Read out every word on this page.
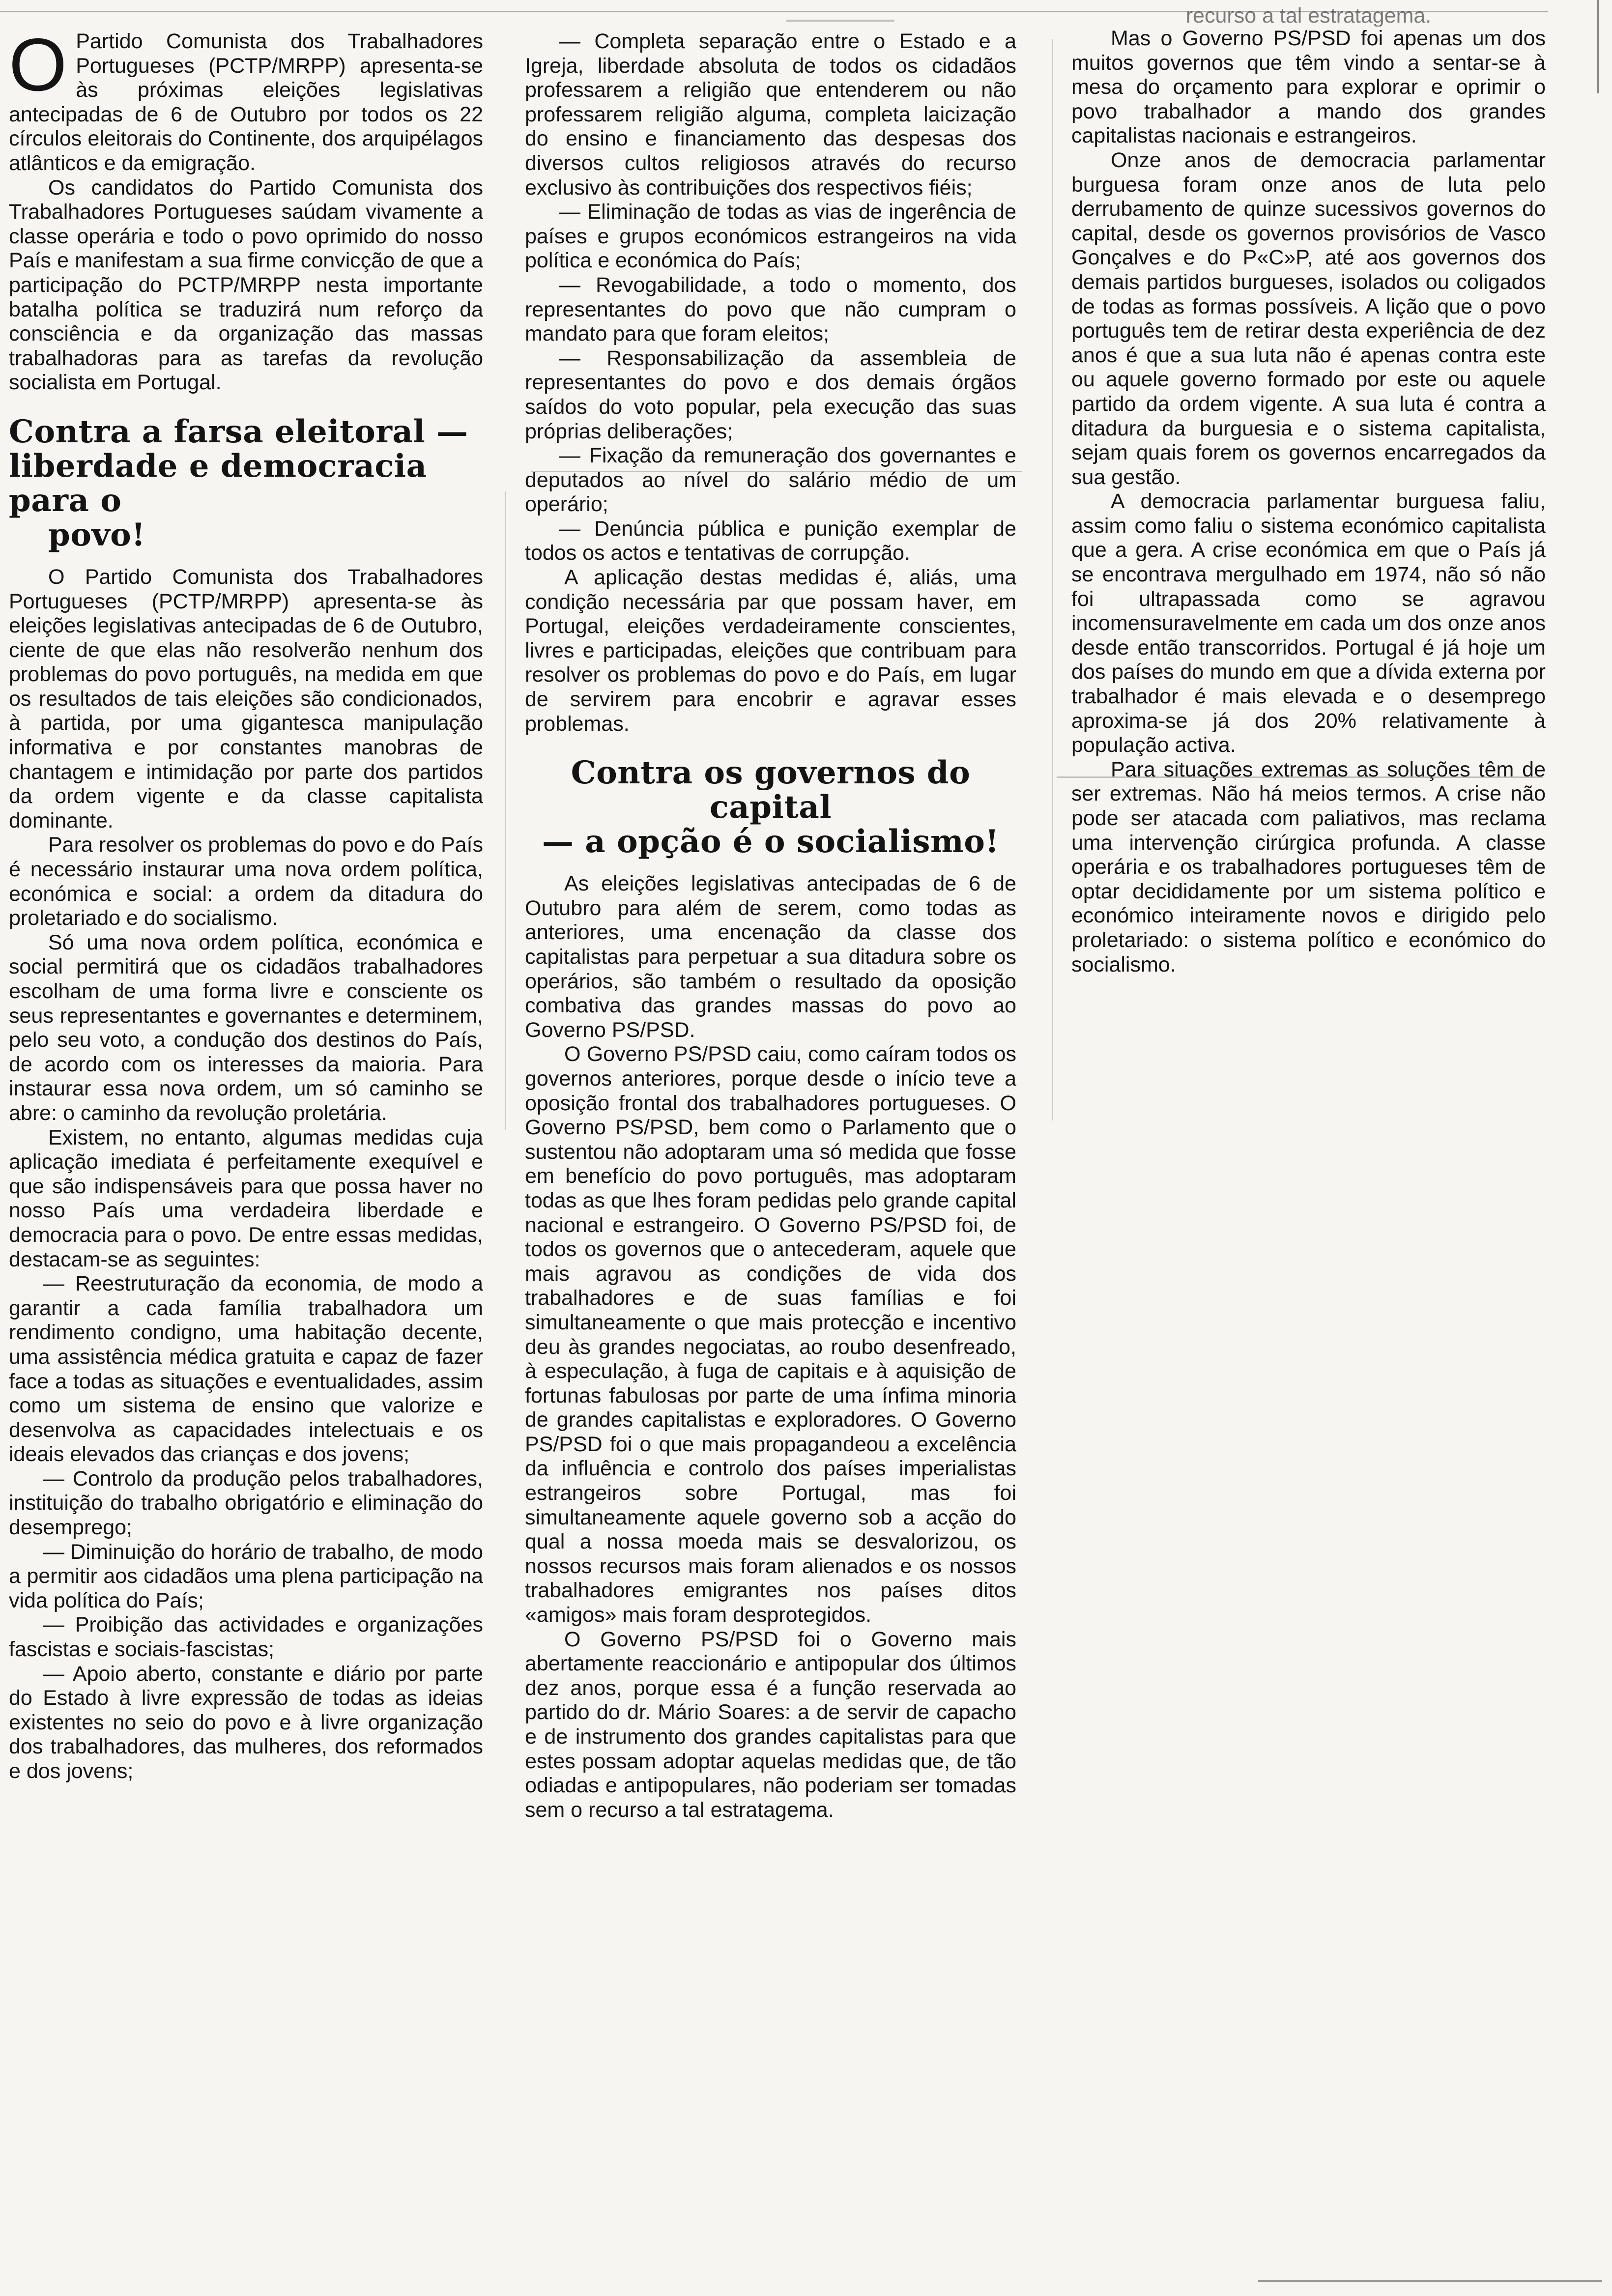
O Partido Comunista dos Trabalhadores Portugueses (PCTP/MRPP) apresenta-se às próximas eleições legislativas antecipadas de 6 de Outubro por todos os 22 círculos eleitorais do Continente, dos arquipélagos atlânticos e da emigração.

Os candidatos do Partido Comunista dos Trabalhadores Portugueses saúdam vivamente a classe operária e todo o povo oprimido do nosso País e manifestam a sua firme convicção de que a participação do PCTP/MRPP nesta importante batalha política se traduzirá num reforço da consciência e da organização das massas trabalhadoras para as tarefas da revolução socialista em Portugal.

Contra a farsa eleitoral — liberdade e democracia para o
povo!

O Partido Comunista dos Trabalhadores Portugueses (PCTP/MRPP) apresenta-se às eleições legislativas antecipadas de 6 de Outubro, ciente de que elas não resolverão nenhum dos problemas do povo português, na medida em que os resultados de tais eleições são condicionados, à partida, por uma gigantesca manipulação informativa e por constantes manobras de chantagem e intimidação por parte dos partidos da ordem vigente e da classe capitalista dominante.

Para resolver os problemas do povo e do País é necessário instaurar uma nova ordem política, económica e social: a ordem da ditadura do proletariado e do socialismo.

Só uma nova ordem política, económica e social permitirá que os cidadãos trabalhadores escolham de uma forma livre e consciente os seus representantes e governantes e determinem, pelo seu voto, a condução dos destinos do País, de acordo com os interesses da maioria. Para instaurar essa nova ordem, um só caminho se abre: o caminho da revolução proletária.

Existem, no entanto, algumas medidas cuja aplicação imediata é perfeitamente exequível e que são indispensáveis para que possa haver no nosso País uma verdadeira liberdade e democracia para o povo. De entre essas medidas, destacam-se as seguintes:

— Reestruturação da economia, de modo a garantir a cada família trabalhadora um rendimento condigno, uma habitação decente, uma assistência médica gratuita e capaz de fazer face a todas as situações e eventualidades, assim como um sistema de ensino que valorize e desenvolva as capacidades intelectuais e os ideais elevados das crianças e dos jovens;

— Controlo da produção pelos trabalhadores, instituição do trabalho obrigatório e eliminação do desemprego;

— Diminuição do horário de trabalho, de modo a permitir aos cidadãos uma plena participação na vida política do País;

— Proibição das actividades e organizações fascistas e sociais-fascistas;

— Apoio aberto, constante e diário por parte do Estado à livre expressão de todas as ideias existentes no seio do povo e à livre organização dos trabalhadores, das mulheres, dos reformados e dos jovens;

— Completa separação entre o Estado e a Igreja, liberdade absoluta de todos os cidadãos professarem a religião que entenderem ou não professarem religião alguma, completa laicização do ensino e financiamento das despesas dos diversos cultos religiosos através do recurso exclusivo às contribuições dos respectivos fiéis;

— Eliminação de todas as vias de ingerência de países e grupos económicos estrangeiros na vida política e económica do País;

— Revogabilidade, a todo o momento, dos representantes do povo que não cumpram o mandato para que foram eleitos;

— Responsabilização da assembleia de representantes do povo e dos demais órgãos saídos do voto popular, pela execução das suas próprias deliberações;

— Fixação da remuneração dos governantes e deputados ao nível do salário médio de um operário;

— Denúncia pública e punição exemplar de todos os actos e tentativas de corrupção.

A aplicação destas medidas é, aliás, uma condição necessária par que possam haver, em Portugal, eleições verdadeiramente conscientes, livres e participadas, eleições que contribuam para resolver os problemas do povo e do País, em lugar de servirem para encobrir e agravar esses problemas.

Contra os governos do capital
— a opção é o socialismo!

As eleições legislativas antecipadas de 6 de Outubro para além de serem, como todas as anteriores, uma encenação da classe dos capitalistas para perpetuar a sua ditadura sobre os operários, são também o resultado da oposição combativa das grandes massas do povo ao Governo PS/PSD.

O Governo PS/PSD caiu, como caíram todos os governos anteriores, porque desde o início teve a oposição frontal dos trabalhadores portugueses. O Governo PS/PSD, bem como o Parlamento que o sustentou não adoptaram uma só medida que fosse em benefício do povo português, mas adoptaram todas as que lhes foram pedidas pelo grande capital nacional e estrangeiro. O Governo PS/PSD foi, de todos os governos que o antecederam, aquele que mais agravou as condições de vida dos trabalhadores e de suas famílias e foi simultaneamente o que mais protecção e incentivo deu às grandes negociatas, ao roubo desenfreado, à especulação, à fuga de capitais e à aquisição de fortunas fabulosas por parte de uma ínfima minoria de grandes capitalistas e exploradores. O Governo PS/PSD foi o que mais propagandeou a excelência da influência e controlo dos países imperialistas estrangeiros sobre Portugal, mas foi simultaneamente aquele governo sob a acção do qual a nossa moeda mais se desvalorizou, os nossos recursos mais foram alienados e os nossos trabalhadores emigrantes nos países ditos «amigos» mais foram desprotegidos.

O Governo PS/PSD foi o Governo mais abertamente reaccionário e antipopular dos últimos dez anos, porque essa é a função reservada ao partido do dr. Mário Soares: a de servir de capacho e de instrumento dos grandes capitalistas para que estes possam adoptar aquelas medidas que, de tão odiadas e antipopulares, não poderiam ser tomadas sem o recurso a tal estratagema.

recurso a tal estratagema.

Mas o Governo PS/PSD foi apenas um dos muitos governos que têm vindo a sentar-se à mesa do orçamento para explorar e oprimir o povo trabalhador a mando dos grandes capitalistas nacionais e estrangeiros.

Onze anos de democracia parlamentar burguesa foram onze anos de luta pelo derrubamento de quinze sucessivos governos do capital, desde os governos provisórios de Vasco Gonçalves e do P«C»P, até aos governos dos demais partidos burgueses, isolados ou coligados de todas as formas possíveis. A lição que o povo português tem de retirar desta experiência de dez anos é que a sua luta não é apenas contra este ou aquele governo formado por este ou aquele partido da ordem vigente. A sua luta é contra a ditadura da burguesia e o sistema capitalista, sejam quais forem os governos encarregados da sua gestão.

A democracia parlamentar burguesa faliu, assim como faliu o sistema económico capitalista que a gera. A crise económica em que o País já se encontrava mergulhado em 1974, não só não foi ultrapassada como se agravou incomensuravelmente em cada um dos onze anos desde então transcorridos. Portugal é já hoje um dos países do mundo em que a dívida externa por trabalhador é mais elevada e o desemprego aproxima-se já dos 20% relativamente à população activa.

Para situações extremas as soluções têm de ser extremas. Não há meios termos. A crise não pode ser atacada com paliativos, mas reclama uma intervenção cirúrgica profunda. A classe operária e os trabalhadores portugueses têm de optar decididamente por um sistema político e económico inteiramente novos e dirigido pelo proletariado: o sistema político e económico do socialismo.
